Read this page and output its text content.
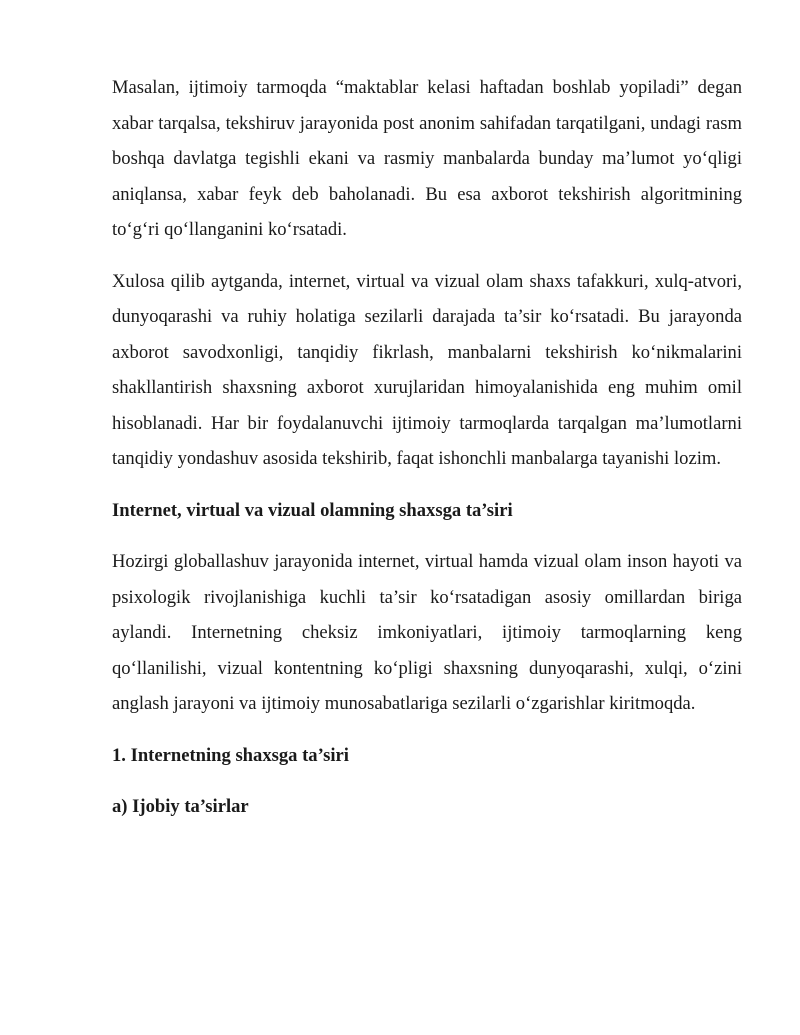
Masalan, ijtimoiy tarmoqda “maktablar kelasi haftadan boshlab yopiladi” degan xabar tarqalsa, tekshiruv jarayonida post anonim sahifadan tarqatilgani, undagi rasm boshqa davlatga tegishli ekani va rasmiy manbalarda bunday ma’lumot yo‘qligi aniqlansa, xabar feyk deb baholanadi. Bu esa axborot tekshirish algoritmining to‘g‘ri qo‘llanganini ko‘rsatadi.

Xulosa qilib aytganda, internet, virtual va vizual olam shaxs tafakkuri, xulq-atvori, dunyoqarashi va ruhiy holatiga sezilarli darajada ta’sir ko‘rsatadi. Bu jarayonda axborot savodxonligi, tanqidiy fikrlash, manbalarni tekshirish ko‘nikmalarini shakllantirish shaxsning axborot xurujlaridan himoyalanishida eng muhim omil hisoblanadi. Har bir foydalanuvchi ijtimoiy tarmoqlarda tarqalgan ma’lumotlarni tanqidiy yondashuv asosida tekshirib, faqat ishonchli manbalarga tayanishi lozim.

Internet, virtual va vizual olamning shaxsga ta’siri

Hozirgi globallashuv jarayonida internet, virtual hamda vizual olam inson hayoti va psixologik rivojlanishiga kuchli ta’sir ko‘rsatadigan asosiy omillardan biriga aylandi. Internetning cheksiz imkoniyatlari, ijtimoiy tarmoqlarning keng qo‘llanilishi, vizual kontentning ko‘pligi shaxsning dunyoqarashi, xulqi, o‘zini anglash jarayoni va ijtimoiy munosabatlariga sezilarli o‘zgarishlar kiritmoqda.

1. Internetning shaxsga ta’siri

a) Ijobiy ta’sirlar
